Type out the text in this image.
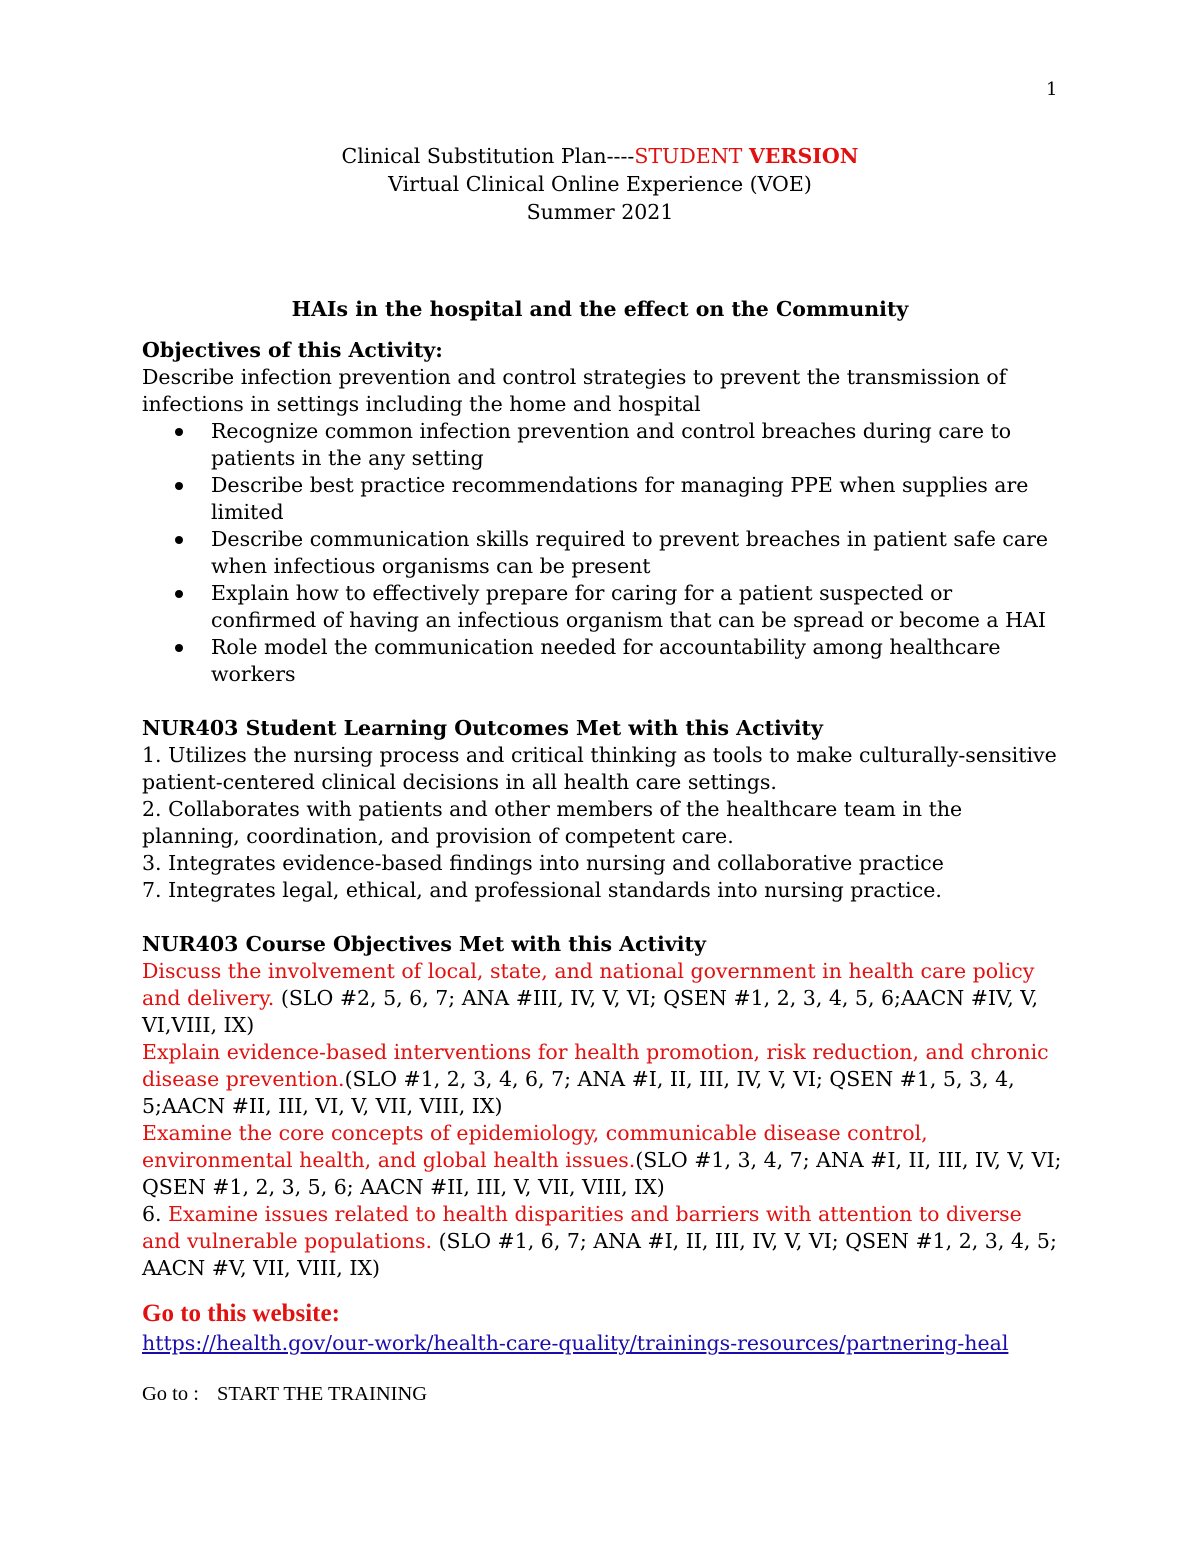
1
Clinical Substitution Plan----STUDENT VERSION
Virtual Clinical Online Experience (VOE)
Summer 2021
HAIs in the hospital and the effect on the Community
Objectives of this Activity:
Describe infection prevention and control strategies to prevent the transmission of infections in settings including the home and hospital
Recognize common infection prevention and control breaches during care to patients in the any setting
Describe best practice recommendations for managing PPE when supplies are limited
Describe communication skills required to prevent breaches in patient safe care when infectious organisms can be present
Explain how to effectively prepare for caring for a patient suspected or confirmed of having an infectious organism that can be spread or become a HAI
Role model the communication needed for accountability among healthcare workers
NUR403 Student Learning Outcomes Met with this Activity
1. Utilizes the nursing process and critical thinking as tools to make culturally-sensitive patient-centered clinical decisions in all health care settings.
2. Collaborates with patients and other members of the healthcare team in the planning, coordination, and provision of competent care.
3. Integrates evidence-based findings into nursing and collaborative practice
7. Integrates legal, ethical, and professional standards into nursing practice.
NUR403 Course Objectives Met with this Activity
Discuss the involvement of local, state, and national government in health care policy and delivery. (SLO #2, 5, 6, 7; ANA #III, IV, V, VI; QSEN #1, 2, 3, 4, 5, 6;AACN #IV, V, VI,VIII, IX)
Explain evidence-based interventions for health promotion, risk reduction, and chronic disease prevention.(SLO #1, 2, 3, 4, 6, 7; ANA #I, II, III, IV, V, VI; QSEN #1, 5, 3, 4, 5;AACN #II, III, VI, V, VII, VIII, IX)
Examine the core concepts of epidemiology, communicable disease control, environmental health, and global health issues.(SLO #1, 3, 4, 7; ANA #I, II, III, IV, V, VI; QSEN #1, 2, 3, 5, 6; AACN #II, III, V, VII, VIII, IX)
6. Examine issues related to health disparities and barriers with attention to diverse and vulnerable populations. (SLO #1, 6, 7; ANA #I, II, III, IV, V, VI; QSEN #1, 2, 3, 4, 5; AACN #V, VII, VIII, IX)
Go to this website:
https://health.gov/our-work/health-care-quality/trainings-resources/partnering-heal
Go to : START THE TRAINING
